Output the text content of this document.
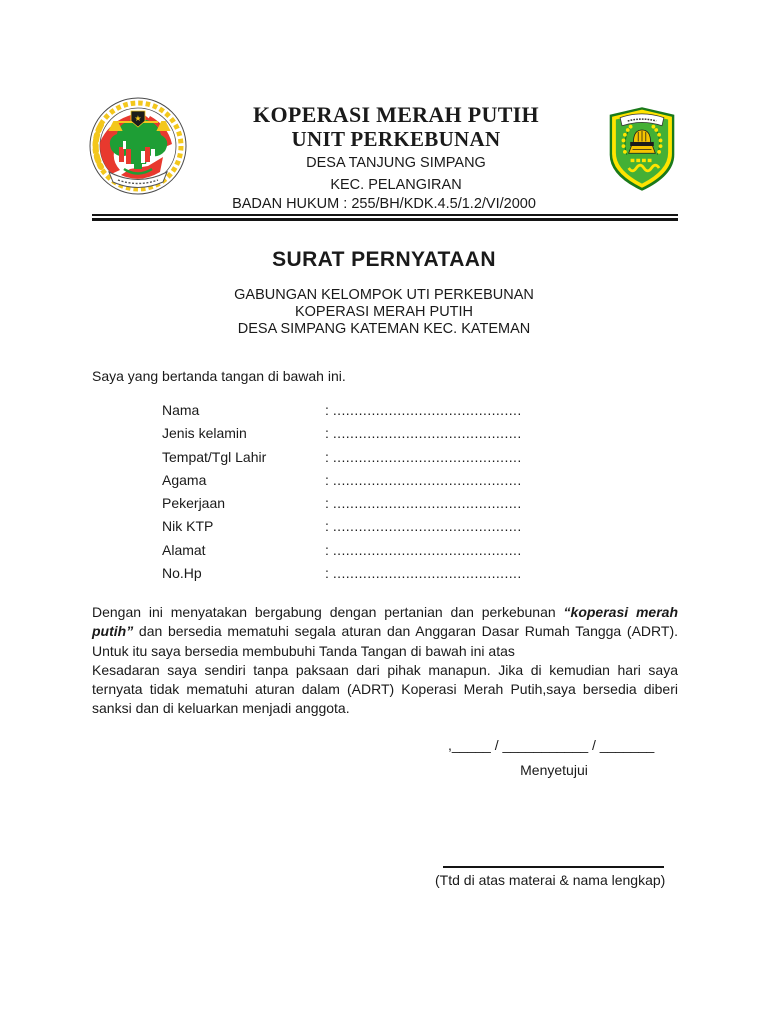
★	KOPERASI MERAH PUTIH
UNIT PERKEBUNAN
DESA TANJUNG SIMPANG
KEC. PELANGIRAN
BADAN HUKUM : 255/BH/KDK.4.5/1.2/VI/2000
SURAT PERNYATAAN
GABUNGAN KELOMPOK UTI PERKEBUNAN
KOPERASI MERAH PUTIH
DESA SIMPANG KATEMAN KEC. KATEMAN
Saya yang bertanda tangan di bawah ini.
Nama	: ............................................
Jenis kelamin	: ............................................
Tempat/Tgl Lahir	: ............................................
Agama	: ............................................
Pekerjaan	: ............................................
Nik KTP	: ............................................
Alamat	: ............................................
No.Hp	: ............................................

Dengan ini menyatakan bergabung dengan pertanian dan perkebunan “koperasi merah putih” dan bersedia mematuhi segala aturan dan Anggaran Dasar Rumah Tangga (ADRT). Untuk itu saya bersedia membubuhi Tanda Tangan di bawah ini atas

Kesadaran saya sendiri tanpa paksaan dari pihak manapun. Jika di kemudian hari saya ternyata tidak mematuhi aturan dalam (ADRT) Koperasi Merah Putih,saya bersedia diberi sanksi dan di keluarkan menjadi anggota.

,_____ / ___________ / _______
Menyetujui
(Ttd di atas materai & nama lengkap)
